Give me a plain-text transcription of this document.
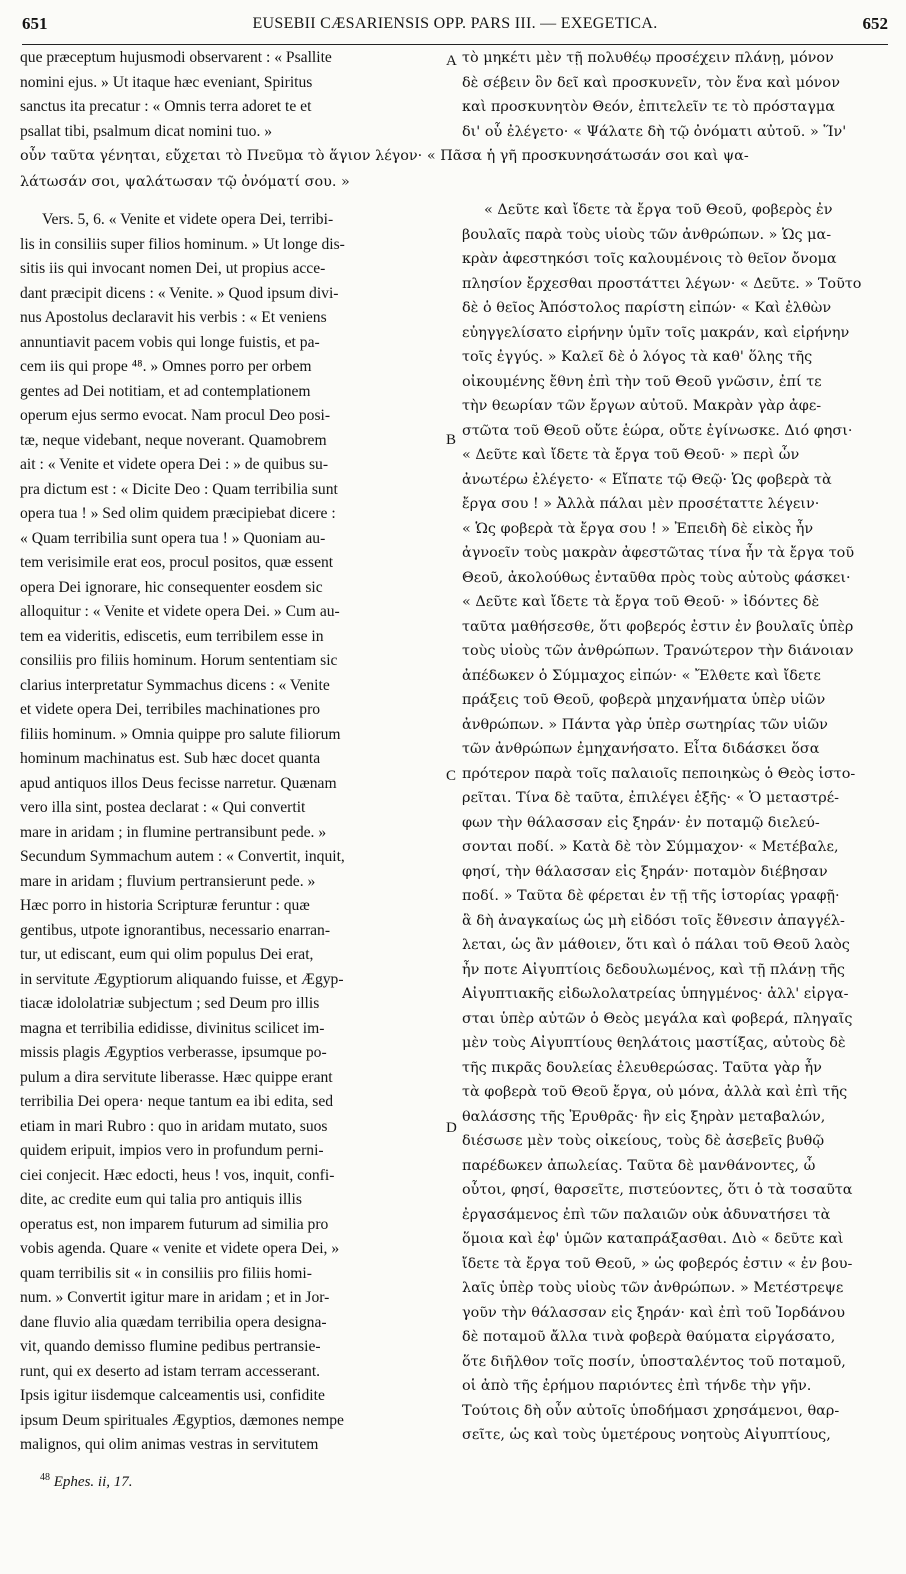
651	EUSEBII CÆSARIENSIS OPP. PARS III. — EXEGETICA.	652
que præceptum hujusmodi observarent : « Psallite
nomini ejus. » Ut itaque hæc eveniant, Spiritus
sanctus ita precatur : « Omnis terra adoret te et
psallat tibi, psalmum dicat nomini tuo. »
τὸ μηκέτι μὲν τῇ πολυθέῳ προσέχειν πλάνῃ, μόνον
δὲ σέβειν ὃν δεῖ καὶ προσκυνεῖν, τὸν ἕνα καὶ μόνον
καὶ προσκυνητὸν Θεόν, ἐπιτελεῖν τε τὸ πρόσταγμα
δι' οὗ ἐλέγετο· « Ψάλατε δὴ τῷ ὀνόματι αὐτοῦ. » Ἵν'
οὖν ταῦτα γένηται, εὔχεται τὸ Πνεῦμα τὸ ἅγιον λέγον· « Πᾶσα ἡ γῆ προσκυνησάτωσάν σοι καὶ ψα-
λάτωσάν σοι, ψαλάτωσαν τῷ ὀνόματί σου. »
Vers. 5, 6. « Venite et videte opera Dei, terribi-
lis in consiliis super filios hominum. » Ut longe dis-
sitis iis qui invocant nomen Dei, ut propius acce-
dant præcipit dicens : « Venite. » Quod ipsum divi-
nus Apostolus declaravit his verbis : « Et veniens
annuntiavit pacem vobis qui longe fuistis, et pa-
cem iis qui prope ⁴⁸. » Omnes porro per orbem
gentes ad Dei notitiam, et ad contemplationem
operum ejus sermo evocat. Nam procul Deo posi-
tæ, neque videbant, neque noverant. Quamobrem
ait : « Venite et videte opera Dei : » de quibus su-
pra dictum est : « Dicite Deo : Quam terribilia sunt
opera tua ! » Sed olim quidem præcipiebat dicere :
« Quam terribilia sunt opera tua ! » Quoniam au-
tem verisimile erat eos, procul positos, quæ essent
opera Dei ignorare, hic consequenter eosdem sic
alloquitur : « Venite et videte opera Dei. » Cum au-
tem ea videritis, ediscetis, eum terribilem esse in
consiliis pro filiis hominum. Horum sententiam sic
clarius interpretatur Symmachus dicens : « Venite
et videte opera Dei, terribiles machinationes pro
filiis hominum. » Omnia quippe pro salute filiorum
hominum machinatus est. Sub hæc docet quanta
apud antiquos illos Deus fecisse narretur. Quænam
vero illa sint, postea declarat : « Qui convertit
mare in aridam ; in flumine pertransibunt pede. »
Secundum Symmachum autem : « Convertit, inquit,
mare in aridam ; fluvium pertransierunt pede. »
Hæc porro in historia Scripturæ feruntur : quæ
gentibus, utpote ignorantibus, necessario enarran-
tur, ut ediscant, eum qui olim populus Dei erat,
in servitute Ægyptiorum aliquando fuisse, et Ægyp-
tiacæ idololatriæ subjectum ; sed Deum pro illis
magna et terribilia edidisse, divinitus scilicet im-
missis plagis Ægyptios verberasse, ipsumque po-
pulum a dira servitute liberasse. Hæc quippe erant
terribilia Dei opera· neque tantum ea ibi edita, sed
etiam in mari Rubro : quo in aridam mutato, suos
quidem eripuit, impios vero in profundum perni-
ciei conjecit. Hæc edocti, heus ! vos, inquit, confi-
dite, ac credite eum qui talia pro antiquis illis
operatus est, non imparem futurum ad similia pro
vobis agenda. Quare « venite et videte opera Dei, »
quam terribilis sit « in consiliis pro filiis homi-
num. » Convertit igitur mare in aridam ; et in Jor-
dane fluvio alia quædam terribilia opera designa-
vit, quando demisso flumine pedibus pertransie-
runt, qui ex deserto ad istam terram accesserant.
Ipsis igitur iisdemque calceamentis usi, confidite
ipsum Deum spirituales Ægyptios, dæmones nempe
malignos, qui olim animas vestras in servitutem
« Δεῦτε καὶ ἴδετε τὰ ἔργα τοῦ Θεοῦ, φοβερὸς ἐν
βουλαῖς παρὰ τοὺς υἱοὺς τῶν ἀνθρώπων. » Ὡς μα-
κρὰν ἀφεστηκόσι τοῖς καλουμένοις τὸ θεῖον ὄνομα
πλησίον ἔρχεσθαι προστάττει λέγων· « Δεῦτε. » Τοῦτο
δὲ ὁ θεῖος Ἀπόστολος παρίστη εἰπών· « Καὶ ἐλθὼν
εὐηγγελίσατο εἰρήνην ὑμῖν τοῖς μακράν, καὶ εἰρήνην
τοῖς ἐγγύς. » Καλεῖ δὲ ὁ λόγος τὰ καθ' ὅλης τῆς
οἰκουμένης ἔθνη ἐπὶ τὴν τοῦ Θεοῦ γνῶσιν, ἐπί τε
τὴν θεωρίαν τῶν ἔργων αὐτοῦ. Μακρὰν γὰρ ἀφε-
στῶτα τοῦ Θεοῦ οὔτε ἑώρα, οὔτε ἐγίνωσκε. Διό φησι·
« Δεῦτε καὶ ἴδετε τὰ ἔργα τοῦ Θεοῦ· » περὶ ὧν
ἀνωτέρω ἐλέγετο· « Εἴπατε τῷ Θεῷ· Ὡς φοβερὰ τὰ
ἔργα σου ! » Ἀλλὰ πάλαι μὲν προσέταττε λέγειν·
« Ὡς φοβερὰ τὰ ἔργα σου ! » Ἐπειδὴ δὲ εἰκὸς ἦν
ἀγνοεῖν τοὺς μακρὰν ἀφεστῶτας τίνα ἦν τὰ ἔργα τοῦ
Θεοῦ, ἀκολούθως ἐνταῦθα πρὸς τοὺς αὐτοὺς φάσκει·
« Δεῦτε καὶ ἴδετε τὰ ἔργα τοῦ Θεοῦ· » ἰδόντες δὲ
ταῦτα μαθήσεσθε, ὅτι φοβερός ἐστιν ἐν βουλαῖς ὑπὲρ
τοὺς υἱοὺς τῶν ἀνθρώπων. Τρανώτερον τὴν διάνοιαν
ἀπέδωκεν ὁ Σύμμαχος εἰπών· « Ἔλθετε καὶ ἴδετε
πράξεις τοῦ Θεοῦ, φοβερὰ μηχανήματα ὑπὲρ υἱῶν
ἀνθρώπων. » Πάντα γὰρ ὑπὲρ σωτηρίας τῶν υἱῶν
τῶν ἀνθρώπων ἐμηχανήσατο. Εἶτα διδάσκει ὅσα
πρότερον παρὰ τοῖς παλαιοῖς πεποιηκὼς ὁ Θεὸς ἱστο-
ρεῖται. Τίνα δὲ ταῦτα, ἐπιλέγει ἑξῆς· « Ὁ μεταστρέ-
φων τὴν θάλασσαν εἰς ξηράν· ἐν ποταμῷ διελεύ-
σονται ποδί. » Κατὰ δὲ τὸν Σύμμαχον· « Μετέβαλε,
φησί, τὴν θάλασσαν εἰς ξηράν· ποταμὸν διέβησαν
ποδί. » Ταῦτα δὲ φέρεται ἐν τῇ τῆς ἱστορίας γραφῇ·
ἃ δὴ ἀναγκαίως ὡς μὴ εἰδόσι τοῖς ἔθνεσιν ἀπαγγέλ-
λεται, ὡς ἂν μάθοιεν, ὅτι καὶ ὁ πάλαι τοῦ Θεοῦ λαὸς
ἦν ποτε Αἰγυπτίοις δεδουλωμένος, καὶ τῇ πλάνῃ τῆς
Αἰγυπτιακῆς εἰδωλολατρείας ὑπηγμένος· ἀλλ' εἰργα-
σται ὑπὲρ αὐτῶν ὁ Θεὸς μεγάλα καὶ φοβερά, πληγαῖς
μὲν τοὺς Αἰγυπτίους θεηλάτοις μαστίξας, αὐτοὺς δὲ
τῆς πικρᾶς δουλείας ἐλευθερώσας. Ταῦτα γὰρ ἦν
τὰ φοβερὰ τοῦ Θεοῦ ἔργα, οὐ μόνα, ἀλλὰ καὶ ἐπὶ τῆς
θαλάσσης τῆς Ἐρυθρᾶς· ἣν εἰς ξηρὰν μεταβαλών,
διέσωσε μὲν τοὺς οἰκείους, τοὺς δὲ ἀσεβεῖς βυθῷ
παρέδωκεν ἀπωλείας. Ταῦτα δὲ μανθάνοντες, ὦ
οὗτοι, φησί, θαρσεῖτε, πιστεύοντες, ὅτι ὁ τὰ τοσαῦτα
ἐργασάμενος ἐπὶ τῶν παλαιῶν οὐκ ἀδυνατήσει τὰ
ὅμοια καὶ ἐφ' ὑμῶν καταπράξασθαι. Διὸ « δεῦτε καὶ
ἴδετε τὰ ἔργα τοῦ Θεοῦ, » ὡς φοβερός ἐστιν « ἐν βου-
λαῖς ὑπὲρ τοὺς υἱοὺς τῶν ἀνθρώπων. » Μετέστρεψε
γοῦν τὴν θάλασσαν εἰς ξηράν· καὶ ἐπὶ τοῦ Ἰορδάνου
δὲ ποταμοῦ ἄλλα τινὰ φοβερὰ θαύματα εἰργάσατο,
ὅτε διῆλθον τοῖς ποσίν, ὑποσταλέντος τοῦ ποταμοῦ,
οἱ ἀπὸ τῆς ἐρήμου παριόντες ἐπὶ τήνδε τὴν γῆν.
Τούτοις δὴ οὖν αὐτοῖς ὑποδήμασι χρησάμενοι, θαρ-
σεῖτε, ὡς καὶ τοὺς ὑμετέρους νοητοὺς Αἰγυπτίους,
A
B
C
D
$^{48}$ Ephes. ii, 17.
